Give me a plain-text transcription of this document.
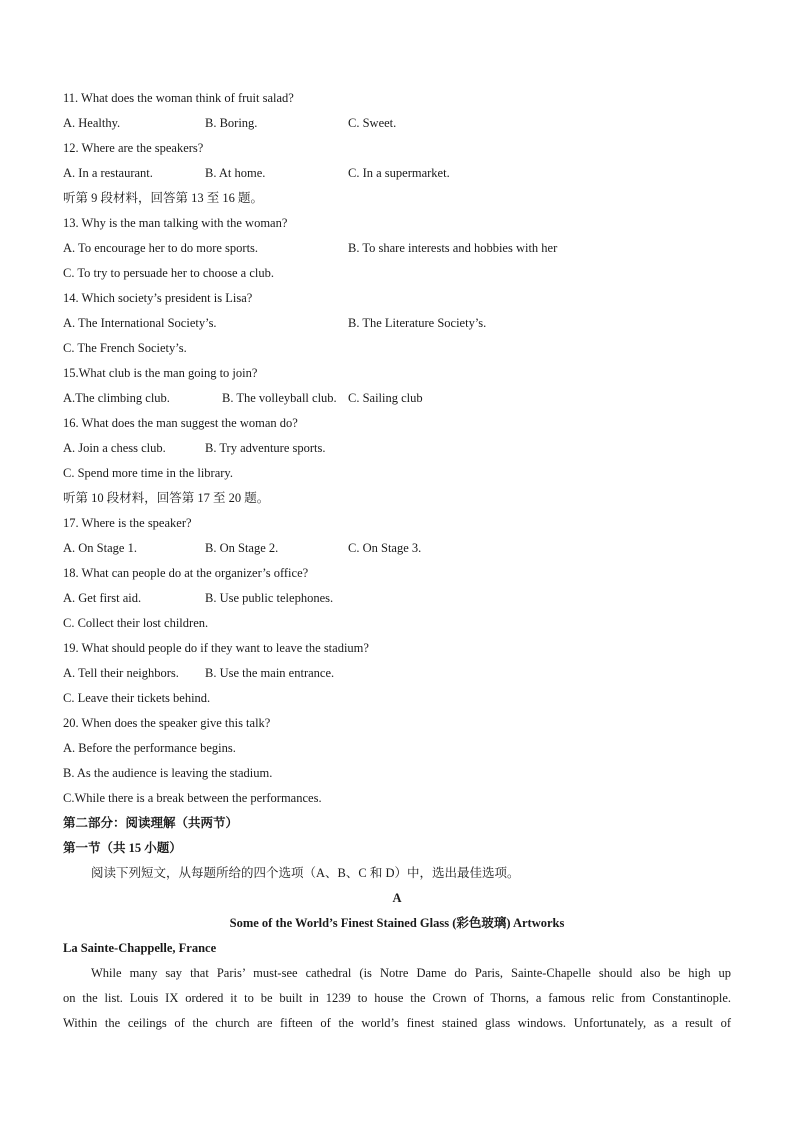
11. What does the woman think of fruit salad?
A. Healthy.	B. Boring.	C. Sweet.
12. Where are the speakers?
A. In a restaurant.	B. At home.	C. In a supermarket.
听第 9 段材料，回答第 13 至 16 题。
13. Why is the man talking with the woman?
A. To encourage her to do more sports.	B. To share interests and hobbies with her
C. To try to persuade her to choose a club.
14. Which society’s president is Lisa?
A. The International Society’s.	B. The Literature Society’s.
C. The French Society’s.
15.What club is the man going to join?
A.The climbing club.	B. The volleyball club. C. Sailing club
16. What does the man suggest the woman do?
A. Join a chess club.	B. Try adventure sports.
C. Spend more time in the library.
听第 10 段材料，回答第 17 至 20 题。
17. Where is the speaker?
A. On Stage 1.	B. On Stage 2.	C. On Stage 3.
18. What can people do at the organizer’s office?
A. Get first aid.	B. Use public telephones.
C. Collect their lost children.
19. What should people do if they want to leave the stadium?
A. Tell their neighbors. B. Use the main entrance.
C. Leave their tickets behind.
20. When does the speaker give this talk?
A. Before the performance begins.
B. As the audience is leaving the stadium.
C.While there is a break between the performances.
第二部分：阅读理解（共两节）
第一节（共 15 小题）
阅读下列短文，从每题所给的四个选项（A、B、C 和 D）中，选出最佳选项。
A
Some of the World’s Finest Stained Glass (彩色玻璃) Artworks
La Sainte-Chappelle, France
While many say that Paris’ must-see cathedral (is Notre Dame do Paris, Sainte-Chapelle should also be high up
on the list. Louis IX ordered it to be built in 1239 to house the Crown of Thorns, a famous relic from Constantinople.
Within the ceilings of the church are fifteen of the world’s finest stained glass windows. Unfortunately, as a result of
